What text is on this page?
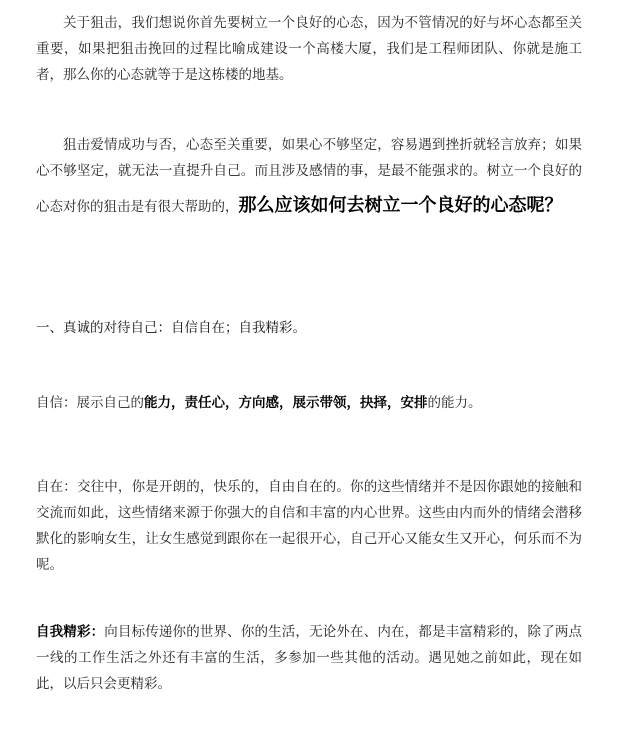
关于狙击，我们想说你首先要树立一个良好的心态，因为不管情况的好与坏心态都至关重要，如果把狙击挽回的过程比喻成建设一个高楼大厦，我们是工程师团队、你就是施工者，那么你的心态就等于是这栋楼的地基。

狙击爱情成功与否，心态至关重要，如果心不够坚定，容易遇到挫折就轻言放弃；如果心不够坚定，就无法一直提升自己。而且涉及感情的事，是最不能强求的。树立一个良好的心态对你的狙击是有很大帮助的，那么应该如何去树立一个良好的心态呢？

一、真诚的对待自己：自信自在；自我精彩。

自信：展示自己的能力，责任心，方向感，展示带领，抉择，安排的能力。

自在：交往中，你是开朗的，快乐的，自由自在的。你的这些情绪并不是因你跟她的接触和交流而如此，这些情绪来源于你强大的自信和丰富的内心世界。这些由内而外的情绪会潜移默化的影响女生，让女生感觉到跟你在一起很开心，自己开心又能女生又开心，何乐而不为呢。

自我精彩：向目标传递你的世界、你的生活，无论外在、内在，都是丰富精彩的，除了两点一线的工作生活之外还有丰富的生活，多参加一些其他的活动。遇见她之前如此，现在如此，以后只会更精彩。
